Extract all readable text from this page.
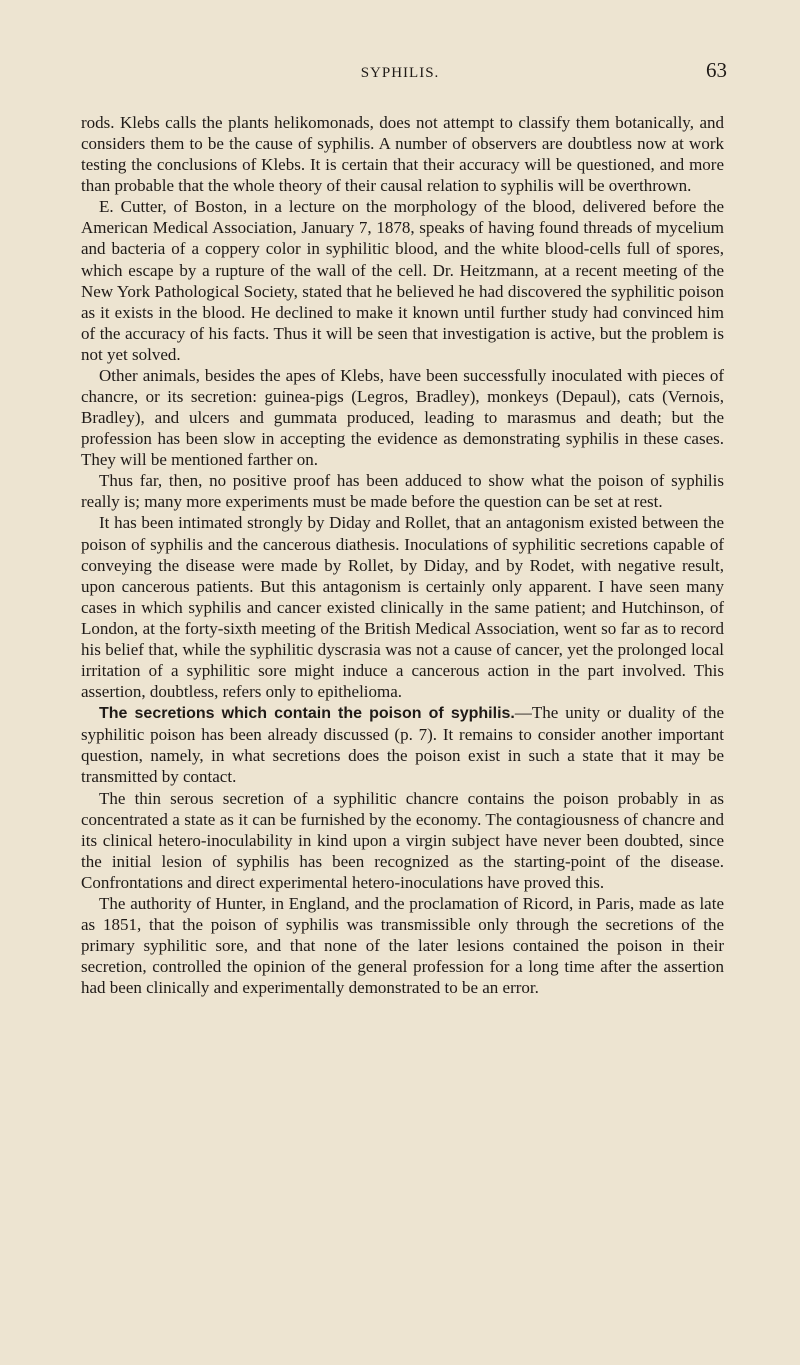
SYPHILIS.	63

rods. Klebs calls the plants helikomonads, does not attempt to classify them botanically, and considers them to be the cause of syphilis. A number of observers are doubtless now at work testing the conclusions of Klebs. It is certain that their accuracy will be questioned, and more than probable that the whole theory of their causal relation to syphilis will be overthrown.

E. Cutter, of Boston, in a lecture on the morphology of the blood, delivered before the American Medical Association, January 7, 1878, speaks of having found threads of mycelium and bacteria of a coppery color in syphilitic blood, and the white blood-cells full of spores, which escape by a rupture of the wall of the cell. Dr. Heitzmann, at a recent meeting of the New York Pathological Society, stated that he believed he had discovered the syphilitic poison as it exists in the blood. He declined to make it known until further study had convinced him of the accuracy of his facts. Thus it will be seen that investigation is active, but the problem is not yet solved.

Other animals, besides the apes of Klebs, have been successfully inoculated with pieces of chancre, or its secretion: guinea-pigs (Legros, Bradley), monkeys (Depaul), cats (Vernois, Bradley), and ulcers and gummata produced, leading to marasmus and death; but the profession has been slow in accepting the evidence as demonstrating syphilis in these cases. They will be mentioned farther on.

Thus far, then, no positive proof has been adduced to show what the poison of syphilis really is; many more experiments must be made before the question can be set at rest.

It has been intimated strongly by Diday and Rollet, that an antagonism existed between the poison of syphilis and the cancerous diathesis. Inoculations of syphilitic secretions capable of conveying the disease were made by Rollet, by Diday, and by Rodet, with negative result, upon cancerous patients. But this antagonism is certainly only apparent. I have seen many cases in which syphilis and cancer existed clinically in the same patient; and Hutchinson, of London, at the forty-sixth meeting of the British Medical Association, went so far as to record his belief that, while the syphilitic dyscrasia was not a cause of cancer, yet the prolonged local irritation of a syphilitic sore might induce a cancerous action in the part involved. This assertion, doubtless, refers only to epithelioma.

The secretions which contain the poison of syphilis.—The unity or duality of the syphilitic poison has been already discussed (p. 7). It remains to consider another important question, namely, in what secretions does the poison exist in such a state that it may be transmitted by contact.

The thin serous secretion of a syphilitic chancre contains the poison probably in as concentrated a state as it can be furnished by the economy. The contagiousness of chancre and its clinical hetero-inoculability in kind upon a virgin subject have never been doubted, since the initial lesion of syphilis has been recognized as the starting-point of the disease. Confrontations and direct experimental hetero-inoculations have proved this.

The authority of Hunter, in England, and the proclamation of Ricord, in Paris, made as late as 1851, that the poison of syphilis was transmissible only through the secretions of the primary syphilitic sore, and that none of the later lesions contained the poison in their secretion, controlled the opinion of the general profession for a long time after the assertion had been clinically and experimentally demonstrated to be an error.
